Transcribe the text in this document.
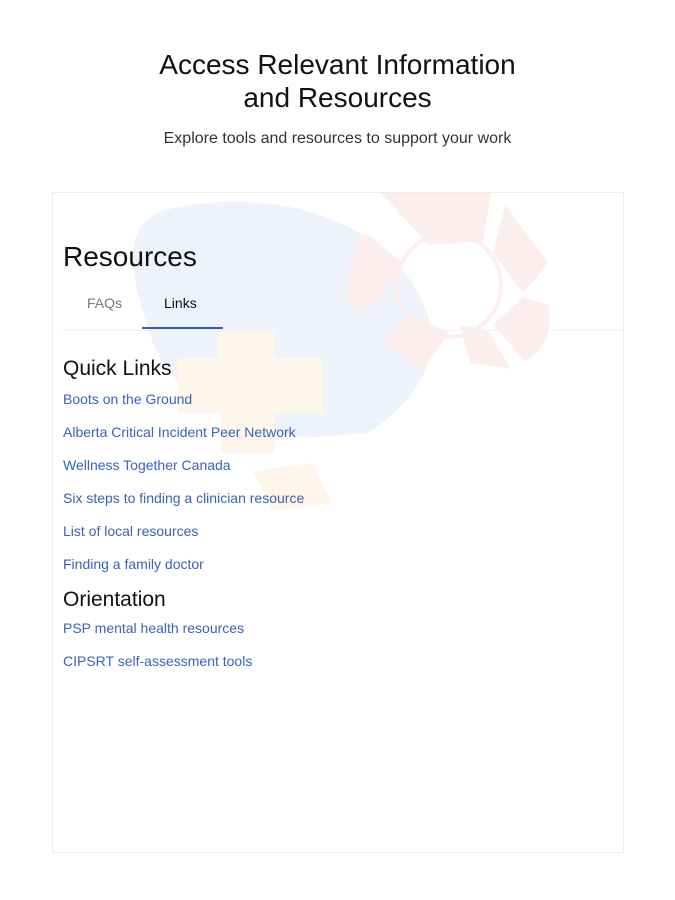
Access Relevant Information
and Resources

Explore tools and resources to support your work

Resources
FAQs	Links
Quick Links
Boots on the Ground
Alberta Critical Incident Peer Network
Wellness Together Canada
Six steps to finding a clinician resource
List of local resources
Finding a family doctor
Orientation
PSP mental health resources
CIPSRT self-assessment tools
